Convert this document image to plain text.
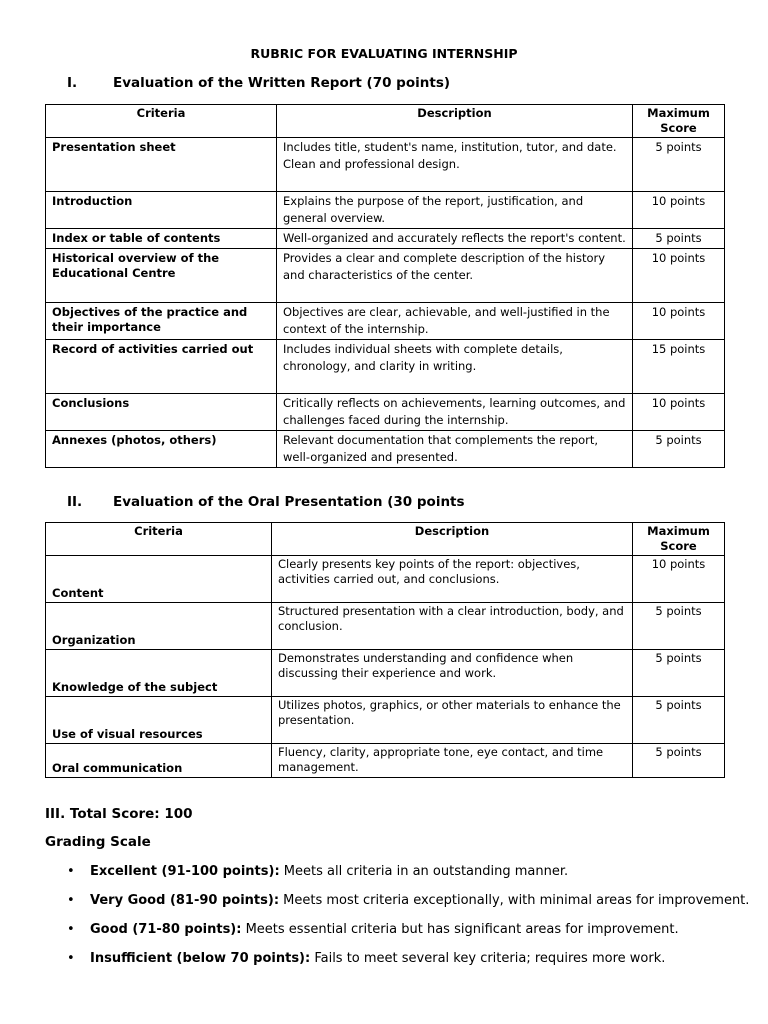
RUBRIC FOR EVALUATING INTERNSHIP
I.	Evaluation of the Written Report (70 points)
Criteria	Description	Maximum Score
Presentation sheet	Includes title, student's name, institution, tutor, and date. Clean and professional design.	5 points
Introduction	Explains the purpose of the report, justification, and general overview.	10 points
Index or table of contents	Well-organized and accurately reflects the report's content.	5 points
Historical overview of the Educational Centre	Provides a clear and complete description of the history and characteristics of the center.	10 points
Objectives of the practice and their importance	Objectives are clear, achievable, and well-justified in the context of the internship.	10 points
Record of activities carried out	Includes individual sheets with complete details, chronology, and clarity in writing.	15 points
Conclusions	Critically reflects on achievements, learning outcomes, and challenges faced during the internship.	10 points
Annexes (photos, others)	Relevant documentation that complements the report, well-organized and presented.	5 points
II.	Evaluation of the Oral Presentation (30 points
Criteria	Description	Maximum Score
Content	Clearly presents key points of the report: objectives, activities carried out, and conclusions.	10 points
Organization	Structured presentation with a clear introduction, body, and conclusion.	5 points
Knowledge of the subject	Demonstrates understanding and confidence when discussing their experience and work.	5 points
Use of visual resources	Utilizes photos, graphics, or other materials to enhance the presentation.	5 points
Oral communication	Fluency, clarity, appropriate tone, eye contact, and time management.	5 points
III. Total Score: 100
Grading Scale
• Excellent (91-100 points): Meets all criteria in an outstanding manner.
• Very Good (81-90 points): Meets most criteria exceptionally, with minimal areas for improvement.
• Good (71-80 points): Meets essential criteria but has significant areas for improvement.
• Insufficient (below 70 points): Fails to meet several key criteria; requires more work.
